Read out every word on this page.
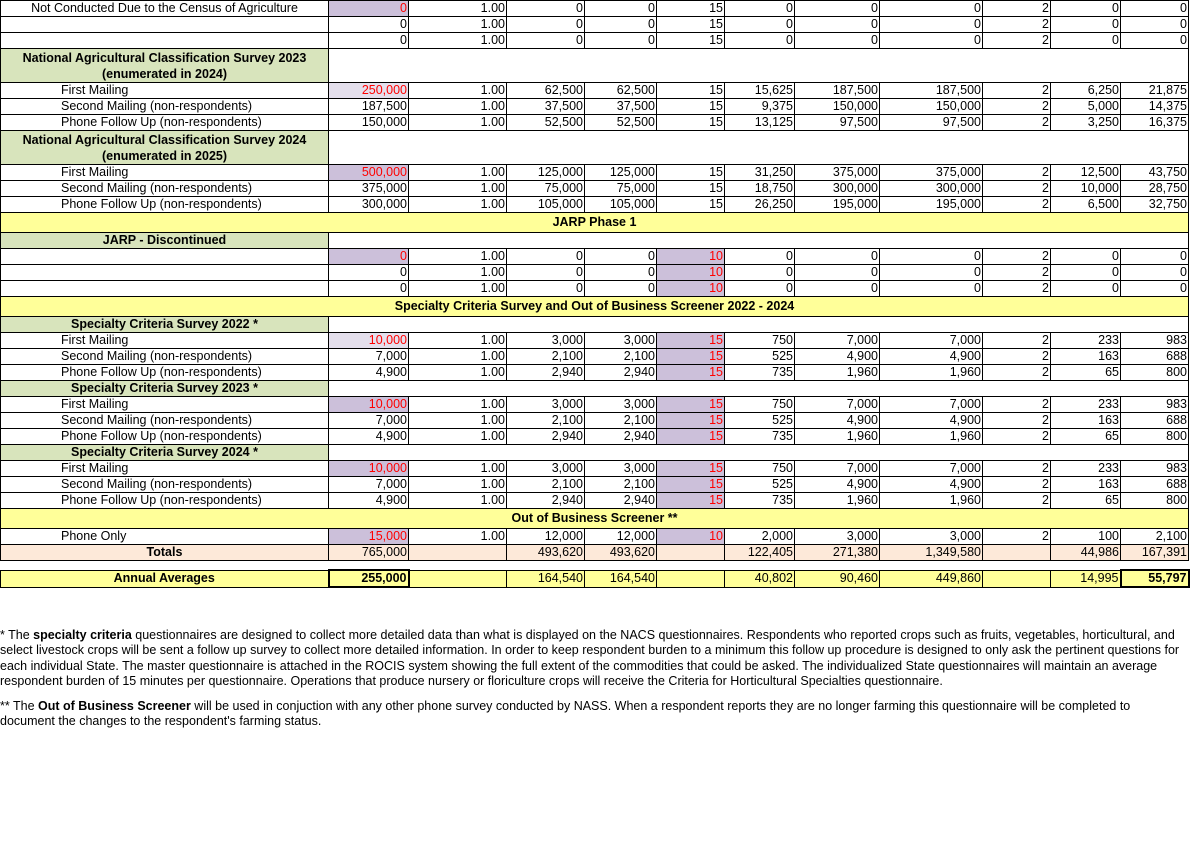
Not Conducted Due to the Census of Agriculture	0	1.00	0	0	15	0	0	0	2	0	0
	0	1.00	0	0	15	0	0	0	2	0	0
	0	1.00	0	0	15	0	0	0	2	0	0
National Agricultural Classification Survey 2023 (enumerated in 2024)											
First Mailing	250,000	1.00	62,500	62,500	15	15,625	187,500	187,500	2	6,250	21,875
Second Mailing (non-respondents)	187,500	1.00	37,500	37,500	15	9,375	150,000	150,000	2	5,000	14,375
Phone Follow Up (non-respondents)	150,000	1.00	52,500	52,500	15	13,125	97,500	97,500	2	3,250	16,375
National Agricultural Classification Survey 2024 (enumerated in 2025)											
First Mailing	500,000	1.00	125,000	125,000	15	31,250	375,000	375,000	2	12,500	43,750
Second Mailing (non-respondents)	375,000	1.00	75,000	75,000	15	18,750	300,000	300,000	2	10,000	28,750
Phone Follow Up (non-respondents)	300,000	1.00	105,000	105,000	15	26,250	195,000	195,000	2	6,500	32,750
JARP Phase 1											
JARP - Discontinued											
	0	1.00	0	0	10	0	0	0	2	0	0
	0	1.00	0	0	10	0	0	0	2	0	0
	0	1.00	0	0	10	0	0	0	2	0	0
Specialty Criteria Survey and Out of Business Screener 2022 - 2024											
Specialty Criteria Survey 2022 *											
First Mailing	10,000	1.00	3,000	3,000	15	750	7,000	7,000	2	233	983
Second Mailing (non-respondents)	7,000	1.00	2,100	2,100	15	525	4,900	4,900	2	163	688
Phone Follow Up (non-respondents)	4,900	1.00	2,940	2,940	15	735	1,960	1,960	2	65	800
Specialty Criteria Survey 2023 *											
First Mailing	10,000	1.00	3,000	3,000	15	750	7,000	7,000	2	233	983
Second Mailing (non-respondents)	7,000	1.00	2,100	2,100	15	525	4,900	4,900	2	163	688
Phone Follow Up (non-respondents)	4,900	1.00	2,940	2,940	15	735	1,960	1,960	2	65	800
Specialty Criteria Survey 2024 *											
First Mailing	10,000	1.00	3,000	3,000	15	750	7,000	7,000	2	233	983
Second Mailing (non-respondents)	7,000	1.00	2,100	2,100	15	525	4,900	4,900	2	163	688
Phone Follow Up (non-respondents)	4,900	1.00	2,940	2,940	15	735	1,960	1,960	2	65	800
Out of Business Screener **											
Phone Only	15,000	1.00	12,000	12,000	10	2,000	3,000	3,000	2	100	2,100
Totals	765,000		493,620	493,620		122,405	271,380	1,349,580		44,986	167,391

Annual Averages	255,000		164,540	164,540		40,802	90,460	449,860		14,995	55,797

* The specialty criteria questionnaires are designed to collect more detailed data than what is displayed on the NACS questionnaires. Respondents who reported crops such as fruits, vegetables, horticultural, and select livestock crops will be sent a follow up survey to collect more detailed information. In order to keep respondent burden to a minimum this follow up procedure is designed to only ask the pertinent questions for each individual State. The master questionnaire is attached in the ROCIS system showing the full extent of the commodities that could be asked. The individualized State questionnaires will maintain an average respondent burden of 15 minutes per questionnaire. Operations that produce nursery or floriculture crops will receive the Criteria for Horticultural Specialties questionnaire.

** The Out of Business Screener will be used in conjuction with any other phone survey conducted by NASS. When a respondent reports they are no longer farming this questionnaire will be completed to document the changes to the respondent's farming status.
